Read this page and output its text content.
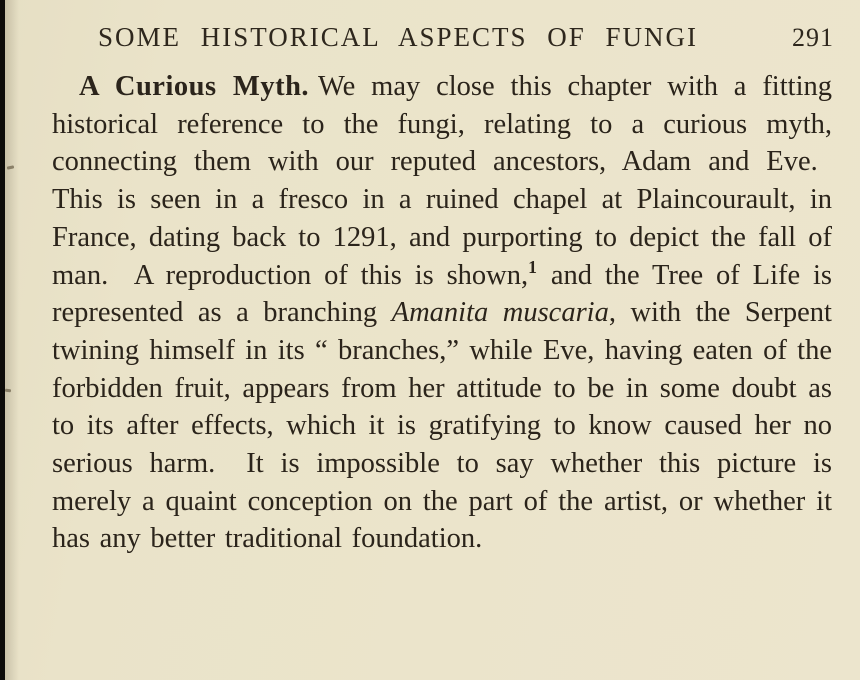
SOME HISTORICAL ASPECTS OF FUNGI	291

A Curious Myth. We may close this chapter with a fitting historical reference to the fungi, relating to a curious myth, connecting them with our reputed ancestors, Adam and Eve.  This is seen in a fresco in a ruined chapel at Plaincourault, in France, dating back to 1291, and purporting to depict the fall of man.  A reproduction of this is shown,$^1$ and the Tree of Life is represented as a branching Amanita muscaria, with the Serpent twining himself in its “ branches,” while Eve, having eaten of the forbidden fruit, appears from her attitude to be in some doubt as to its after effects, which it is gratifying to know caused her no serious harm.  It is impossible to say whether this picture is merely a quaint conception on the part of the artist, or whether it has any better traditional foundation.
